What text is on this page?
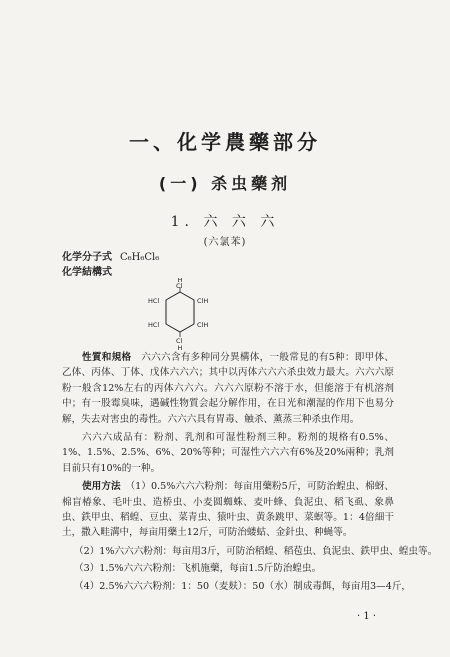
一、化学農藥部分
(一) 杀虫藥剂
1. 六 六 六
(六氯苯)
化学分子式 C₆H₆Cl₆
化学結構式
H
Cl
HCl
HCl
ClH
ClH
Cl
H

性質和規格　 六六六含有多种同分異構体，一般常見的有5种：即甲体、乙体、丙体、丁体、戊体六六六；其中以丙体六六六杀虫效力最大。六六六原粉一般含12%左右的丙体六六六。六六六原粉不溶于水，但能溶于有机溶剂中；有一股霉臭味，遇碱性物質会起分解作用，在日光和潮湿的作用下也易分解，失去对害虫的毒性。六六六具有胃毒、触杀、薰蒸三种杀虫作用。

六六六成品有：粉剂、乳剂和可湿性粉剂三种。粉剂的規格有0.5%、1%、1.5%、2.5%、6%、20%等种；可湿性六六六有6%及20%兩种；乳剂目前只有10%的一种。

使用方法　 （1）0.5%六六六粉剂：每亩用藥粉5斤，可防治蝗虫、棉蚜、棉盲椿象、毛叶虫、造桥虫、小麦圆蜘蛛、麦叶蜂、負泥虫、稻飞虱、象鼻虫、鉄甲虫、稻蝗、豆虫、菜青虫、猿叶虫、黄条跳甲、菜螟等。1：4倍細干土，撒入畦溝中，每亩用藥土12斤，可防治蝼蛄、金針虫、种蝇等。

（2）1%六六六粉剂：每亩用3斤，可防治稻蝗、稻苞虫、負泥虫、鉄甲虫、蝗虫等。

（3）1.5%六六六粉剂：飞机施藥，每亩1.5斤防治蝗虫。

（4）2.5%六六六粉剂：1：50（麦麸）：50（水）制成毒餌，每亩用3—4斤，

· 1 ·
